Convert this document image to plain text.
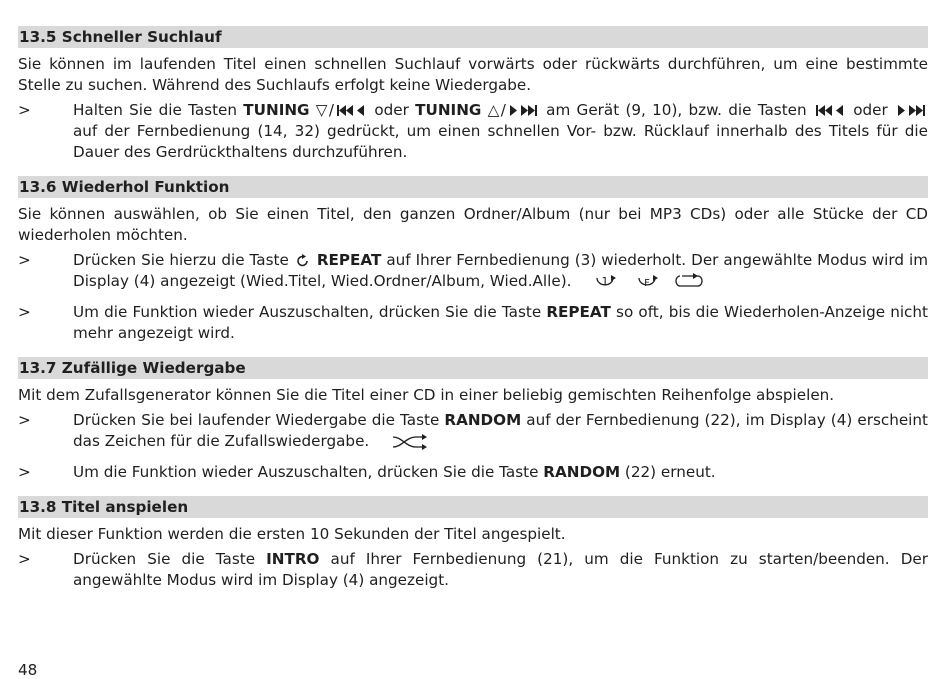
13.5 Schneller Suchlauf
Sie können im laufenden Titel einen schnellen Suchlauf vorwärts oder rückwärts durchführen, um eine bestimmte Stelle zu suchen. Während des Suchlaufs erfolgt keine Wiedergabe.
>	Halten Sie die Tasten TUNING ▽/ oder TUNING △/ am Gerät (9, 10), bzw. die Tasten  oder  auf der Fernbedienung (14, 32) gedrückt, um einen schnellen Vor- bzw. Rücklauf innerhalb des Titels für die Dauer des Gerdrückthaltens durchzuführen.
13.6 Wiederhol Funktion
Sie können auswählen, ob Sie einen Titel, den ganzen Ordner/Album (nur bei MP3 CDs) oder alle Stücke der CD wiederholen möchten.
>	Drücken Sie hierzu die Taste  REPEAT auf Ihrer Fernbedienung (3) wiederholt. Der angewählte Modus wird im Display (4) angezeigt (Wied.Titel, Wied.Ordner/Album, Wied.Alle). 1	F
>	Um die Funktion wieder Auszuschalten, drücken Sie die Taste REPEAT so oft, bis die Wiederholen-Anzeige nicht mehr angezeigt wird.
13.7 Zufällige Wiedergabe
Mit dem Zufallsgenerator können Sie die Titel einer CD in einer beliebig gemischten Reihenfolge abspielen.
>	Drücken Sie bei laufender Wiedergabe die Taste RANDOM auf der Fernbedienung (22), im Display (4) erscheint das Zeichen für die Zufallswiedergabe.
>	Um die Funktion wieder Auszuschalten, drücken Sie die Taste RANDOM (22) erneut.
13.8 Titel anspielen
Mit dieser Funktion werden die ersten 10 Sekunden der Titel angespielt.
>	Drücken Sie die Taste INTRO auf Ihrer Fernbedienung (21), um die Funktion zu starten/beenden. Der angewählte Modus wird im Display (4) angezeigt.
48
